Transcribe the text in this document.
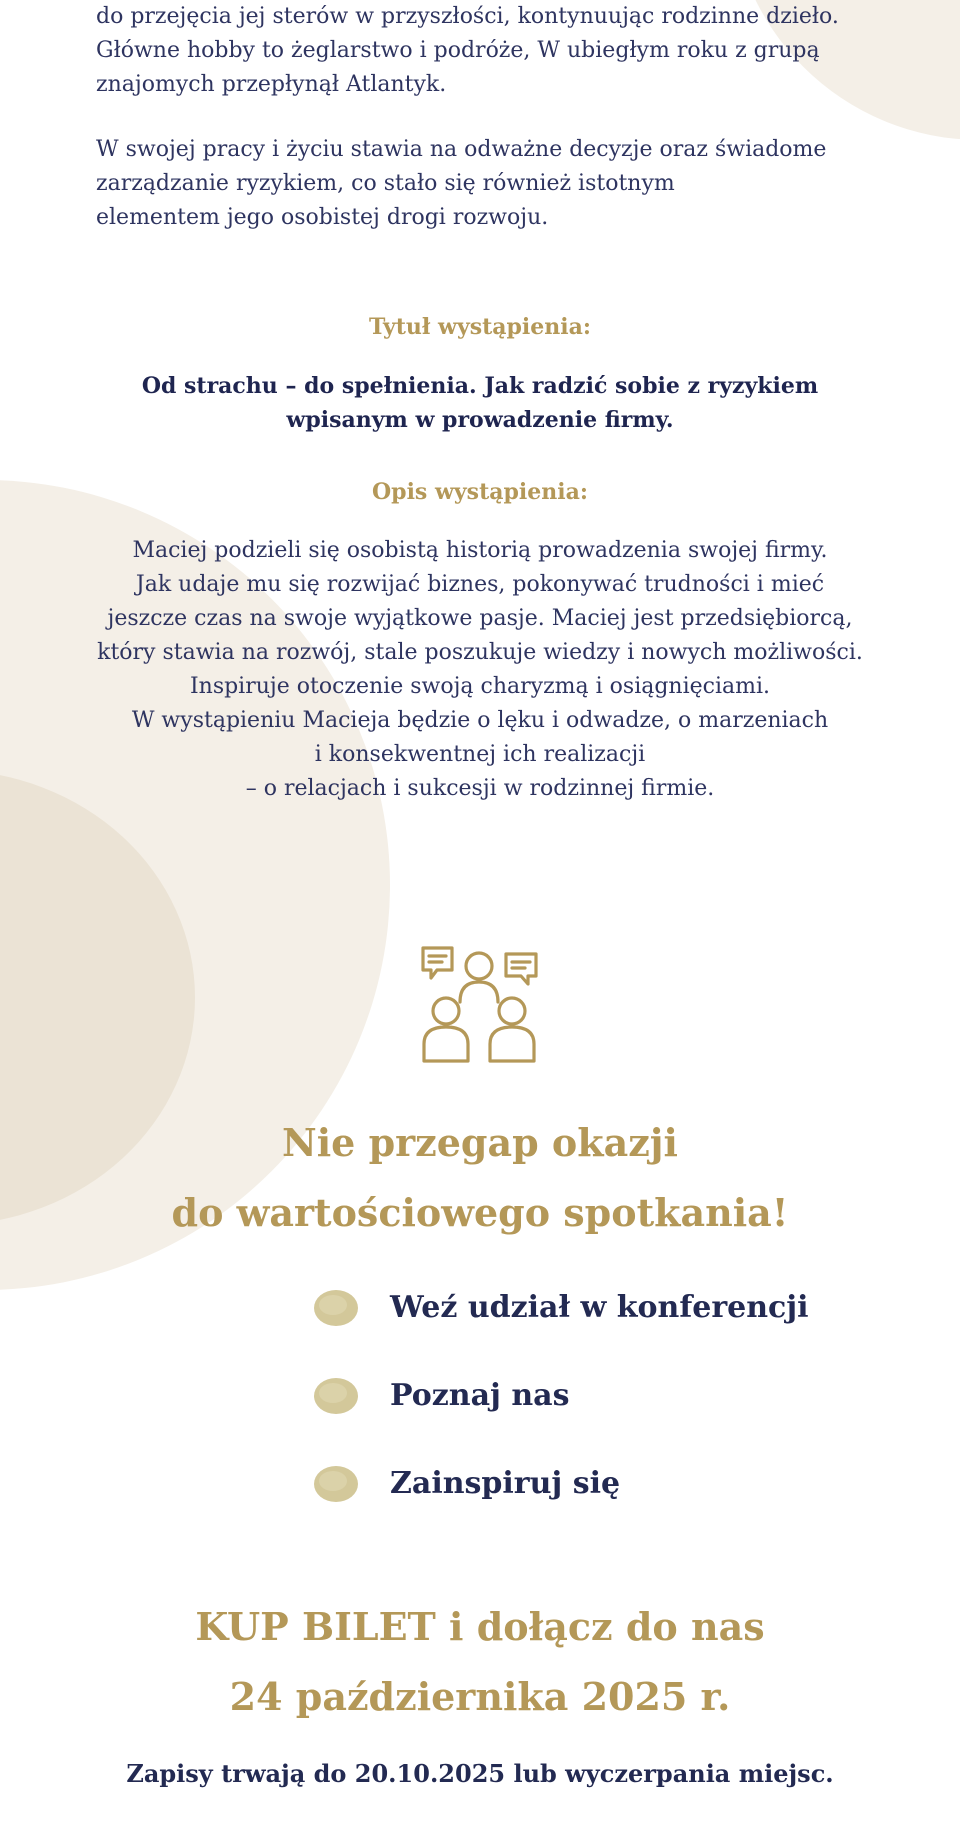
do przejęcia jej sterów w przyszłości, kontynuując rodzinne dzieło.
Główne hobby to żeglarstwo i podróże, W ubiegłym roku z grupą
znajomych przepłynął Atlantyk.

W swojej pracy i życiu stawia na odważne decyzje oraz świadome
zarządzanie ryzykiem, co stało się również istotnym
elementem jego osobistej drogi rozwoju.

Tytuł wystąpienia:
Od strachu – do spełnienia. Jak radzić sobie z ryzykiem
wpisanym w prowadzenie firmy.
Opis wystąpienia:
Maciej podzieli się osobistą historią prowadzenia swojej firmy.
Jak udaje mu się rozwijać biznes, pokonywać trudności i mieć
jeszcze czas na swoje wyjątkowe pasje. Maciej jest przedsiębiorcą,
który stawia na rozwój, stale poszukuje wiedzy i nowych możliwości.
Inspiruje otoczenie swoją charyzmą i osiągnięciami.
W wystąpieniu Macieja będzie o lęku i odwadze, o marzeniach
i konsekwentnej ich realizacji
– o relacjach i sukcesji w rodzinnej firmie.
Nie przegap okazji
do wartościowego spotkania!
Weź udział w konferencji
Poznaj nas
Zainspiruj się
KUP BILET i dołącz do nas
24 października 2025 r.
Zapisy trwają do 20.10.2025 lub wyczerpania miejsc.
